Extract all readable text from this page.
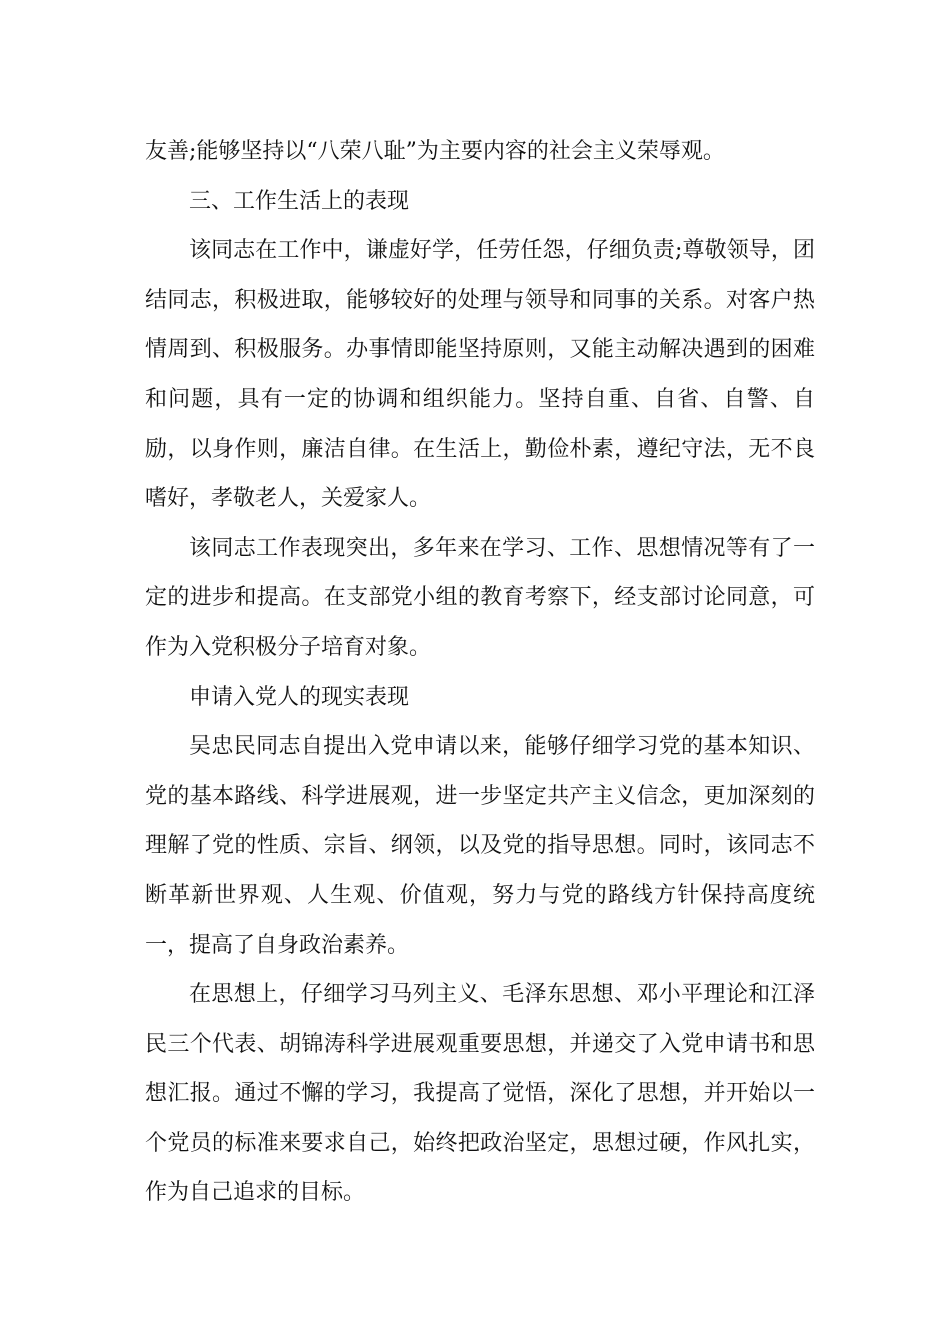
友善;能够坚持以“八荣八耻”为主要内容的社会主义荣辱观。

三、工作生活上的表现

该同志在工作中，谦虚好学，任劳任怨，仔细负责;尊敬领导，团结同志，积极进取，能够较好的处理与领导和同事的关系。对客户热情周到、积极服务。办事情即能坚持原则，又能主动解决遇到的困难和问题，具有一定的协调和组织能力。坚持自重、自省、自警、自励，以身作则，廉洁自律。在生活上，勤俭朴素，遵纪守法，无不良嗜好，孝敬老人，关爱家人。

该同志工作表现突出，多年来在学习、工作、思想情况等有了一定的进步和提高。在支部党小组的教育考察下，经支部讨论同意，可作为入党积极分子培育对象。

申请入党人的现实表现

吴忠民同志自提出入党申请以来，能够仔细学习党的基本知识、党的基本路线、科学进展观，进一步坚定共产主义信念，更加深刻的理解了党的性质、宗旨、纲领，以及党的指导思想。同时，该同志不断革新世界观、人生观、价值观，努力与党的路线方针保持高度统一，提高了自身政治素养。

在思想上，仔细学习马列主义、毛泽东思想、邓小平理论和江泽民三个代表、胡锦涛科学进展观重要思想，并递交了入党申请书和思想汇报。通过不懈的学习，我提高了觉悟，深化了思想，并开始以一个党员的标准来要求自己，始终把政治坚定，思想过硬，作风扎实，作为自己追求的目标。
